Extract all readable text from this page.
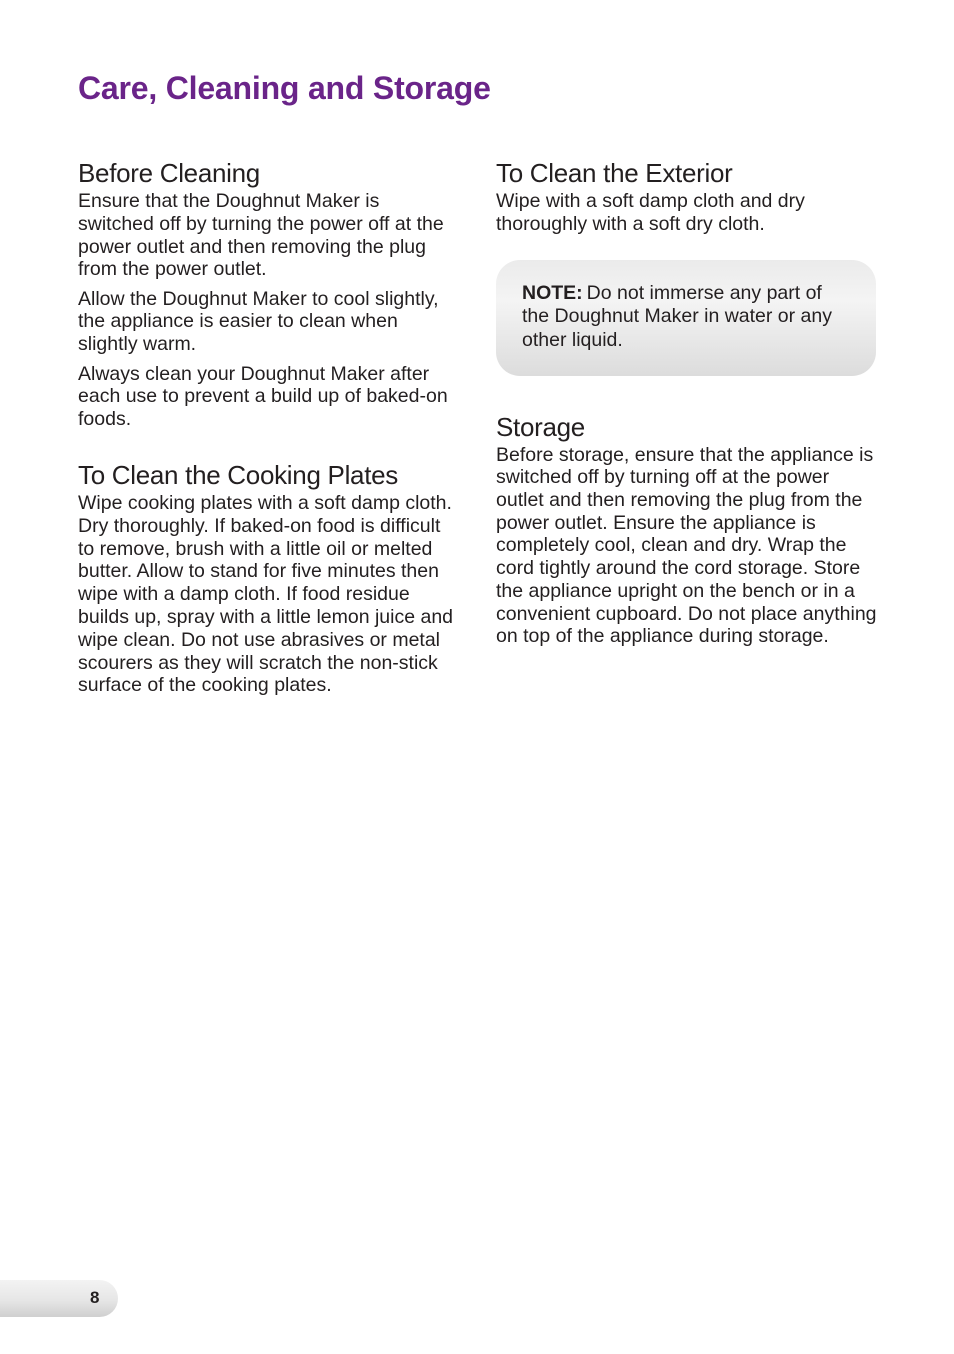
Care, Cleaning and Storage
Before Cleaning

Ensure that the Doughnut Maker is switched off by turning the power off at the power outlet and then removing the plug from the power outlet.

Allow the Doughnut Maker to cool slightly, the appliance is easier to clean when slightly warm.

Always clean your Doughnut Maker after each use to prevent a build up of baked-on foods.

To Clean the Cooking Plates

Wipe cooking plates with a soft damp cloth. Dry thoroughly. If baked-on food is difficult to remove, brush with a little oil or melted butter. Allow to stand for five minutes then wipe with a damp cloth. If food residue builds up, spray with a little lemon juice and wipe clean. Do not use abrasives or metal scourers as they will scratch the non-stick surface of the cooking plates.

To Clean the Exterior

Wipe with a soft damp cloth and dry thoroughly with a soft dry cloth.

NOTE: Do not immerse any part of the Doughnut Maker in water or any other liquid.

Storage

Before storage, ensure that the appliance is switched off by turning off at the power outlet and then removing the plug from the power outlet. Ensure the appliance is completely cool, clean and dry. Wrap the cord tightly around the cord storage. Store the appliance upright on the bench or in a convenient cupboard. Do not place anything on top of the appliance during storage.

8
